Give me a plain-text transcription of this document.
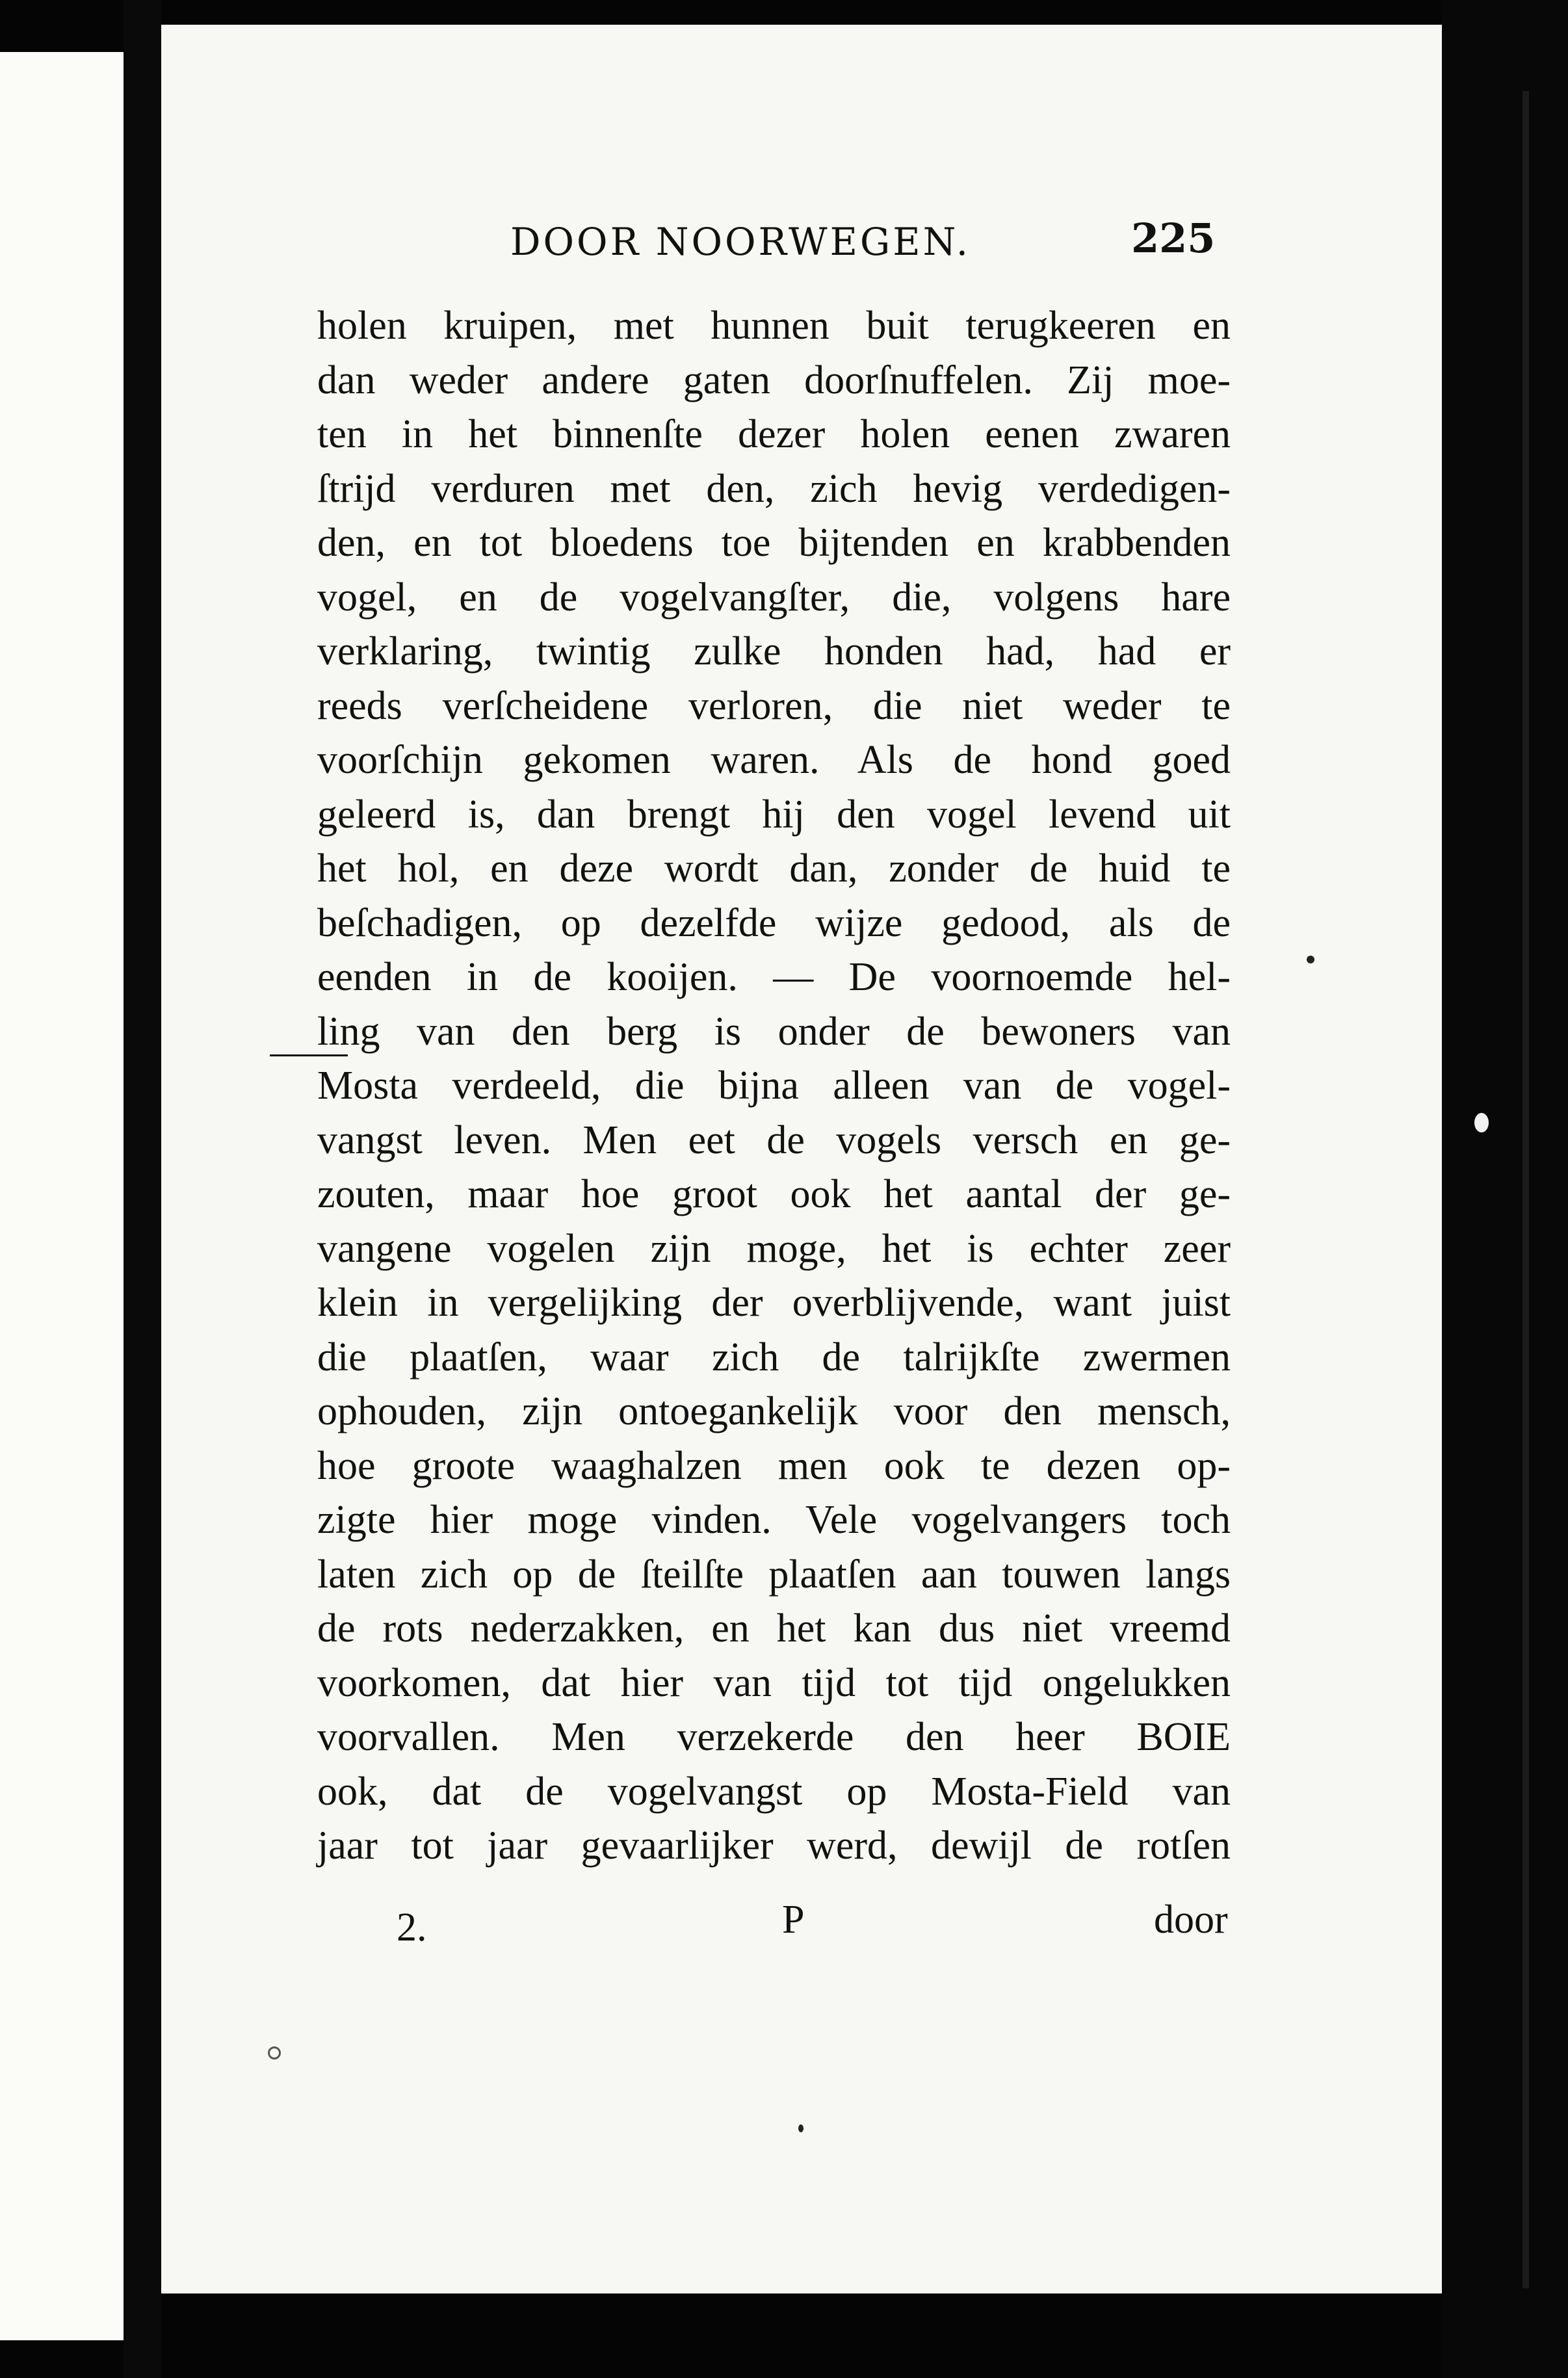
DOOR NOORWEGEN.	225
holen kruipen, met hunnen buit terugkeeren en
dan weder andere gaten doorſnuffelen. Zij moe-
ten in het binnenſte dezer holen eenen zwaren
ſtrijd verduren met den, zich hevig verdedigen-
den, en tot bloedens toe bijtenden en krabbenden
vogel, en de vogelvangſter, die, volgens hare
verklaring, twintig zulke honden had, had er
reeds verſcheidene verloren, die niet weder te
voorſchijn gekomen waren. Als de hond goed
geleerd is, dan brengt hij den vogel levend uit
het hol, en deze wordt dan, zonder de huid te
beſchadigen, op dezelfde wijze gedood, als de
eenden in de kooijen. — De voornoemde hel-
ling van den berg is onder de bewoners van
Mosta verdeeld, die bijna alleen van de vogel-
vangst leven. Men eet de vogels versch en ge-
zouten, maar hoe groot ook het aantal der ge-
vangene vogelen zijn moge, het is echter zeer
klein in vergelijking der overblijvende, want juist
die plaatſen, waar zich de talrijkſte zwermen
ophouden, zijn ontoegankelijk voor den mensch,
hoe groote waaghalzen men ook te dezen op-
zigte hier moge vinden. Vele vogelvangers toch
laten zich op de ſteilſte plaatſen aan touwen langs
de rots nederzakken, en het kan dus niet vreemd
voorkomen, dat hier van tijd tot tijd ongelukken
voorvallen. Men verzekerde den heer BOIE
ook, dat de vogelvangst op Mosta-Field van
jaar tot jaar gevaarlijker werd, dewijl de rotſen
2.	P	door
